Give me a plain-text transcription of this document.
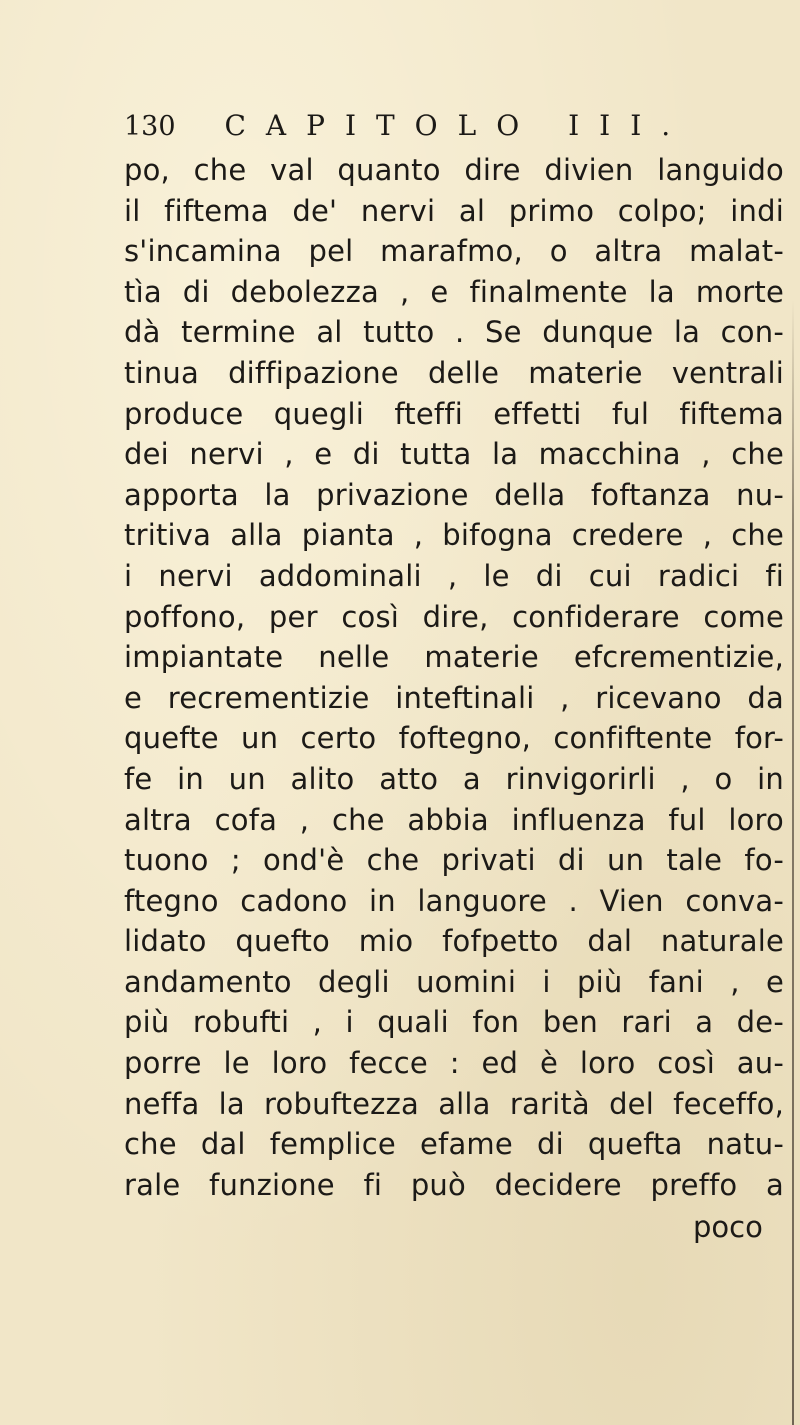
130 CAPITOLO III.
po, che val quanto dire divien languido
il fiftema de' nervi al primo colpo; indi
s'incamina pel marafmo, o altra malat-
tìa di debolezza , e finalmente la morte
dà termine al tutto . Se dunque la con-
tinua diffipazione delle materie ventrali
produce quegli fteffi effetti ful fiftema
dei nervi , e di tutta la macchina , che
apporta la privazione della foftanza nu-
tritiva alla pianta , bifogna credere , che
i nervi addominali , le di cui radici fi
poffono, per così dire, confiderare come
impiantate nelle materie efcrementizie,
e recrementizie inteftinali , ricevano da
quefte un certo foftegno, confiftente for-
fe in un alito atto a rinvigorirli , o in
altra cofa , che abbia influenza ful loro
tuono ; ond'è che privati di un tale fo-
ftegno cadono in languore . Vien conva-
lidato quefto mio fofpetto dal naturale
andamento degli uomini i più fani , e
più robufti , i quali fon ben rari a de-
porre le loro fecce : ed è loro così au-
neffa la robuftezza alla rarità del feceffo,
che dal femplice efame di quefta natu-
rale funzione fi può decidere preffo a
poco
